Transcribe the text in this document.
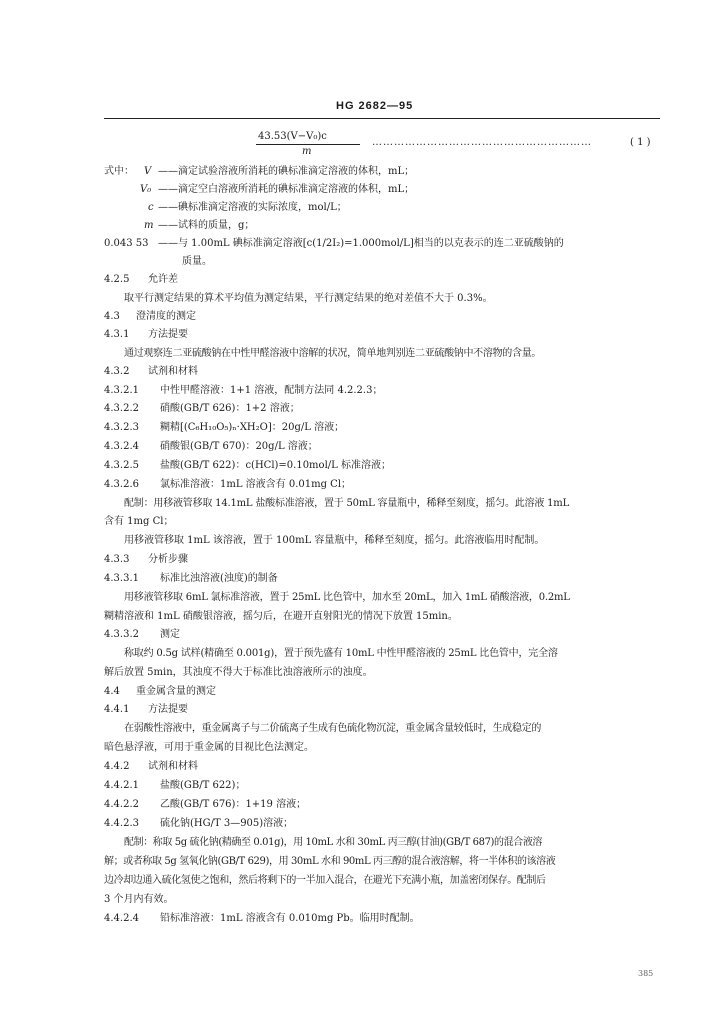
HG 2682—95
43.53(V−V₀)c
m
……………………………………………………	( 1 )
式中： V ——滴定试验溶液所消耗的碘标准滴定溶液的体积，mL；
V₀ ——滴定空白溶液所消耗的碘标准滴定溶液的体积，mL；
c ——碘标准滴定溶液的实际浓度，mol/L；
m ——试料的质量，g；
0.043 53 ——与 1.00mL 碘标准滴定溶液[c(1/2I₂)=1.000mol/L]相当的以克表示的连二亚硫酸钠的
质量。
4.2.5 允许差
取平行测定结果的算术平均值为测定结果，平行测定结果的绝对差值不大于 0.3%。
4.3 澄清度的测定
4.3.1 方法提要
通过观察连二亚硫酸钠在中性甲醛溶液中溶解的状况，简单地判别连二亚硫酸钠中不溶物的含量。
4.3.2 试剂和材料
4.3.2.1 中性甲醛溶液：1+1 溶液，配制方法同 4.2.2.3；
4.3.2.2 硝酸(GB/T 626)：1+2 溶液；
4.3.2.3 糊精[(C₆H₁₀O₅)ₙ·XH₂O]：20g/L 溶液；
4.3.2.4 硝酸银(GB/T 670)：20g/L 溶液；
4.3.2.5 盐酸(GB/T 622)：c(HCl)=0.10mol/L 标准溶液；
4.3.2.6 氯标准溶液：1mL 溶液含有 0.01mg Cl；
配制：用移液管移取 14.1mL 盐酸标准溶液，置于 50mL 容量瓶中，稀释至刻度，摇匀。此溶液 1mL
含有 1mg Cl；
用移液管移取 1mL 该溶液，置于 100mL 容量瓶中，稀释至刻度，摇匀。此溶液临用时配制。
4.3.3 分析步骤
4.3.3.1 标准比浊溶液(浊度)的制备
用移液管移取 6mL 氯标准溶液，置于 25mL 比色管中，加水至 20mL，加入 1mL 硝酸溶液，0.2mL
糊精溶液和 1mL 硝酸银溶液，摇匀后，在避开直射阳光的情况下放置 15min。
4.3.3.2 测定
称取约 0.5g 试样(精确至 0.001g)，置于预先盛有 10mL 中性甲醛溶液的 25mL 比色管中，完全溶
解后放置 5min，其浊度不得大于标准比浊溶液所示的浊度。
4.4 重金属含量的测定
4.4.1 方法提要
在弱酸性溶液中，重金属离子与二价硫离子生成有色硫化物沉淀，重金属含量较低时，生成稳定的
暗色悬浮液，可用于重金属的目视比色法测定。
4.4.2 试剂和材料
4.4.2.1 盐酸(GB/T 622)；
4.4.2.2 乙酸(GB/T 676)：1+19 溶液；
4.4.2.3 硫化钠(HG/T 3—905)溶液；
配制：称取 5g 硫化钠(精确至 0.01g)，用 10mL 水和 30mL 丙三醇(甘油)(GB/T 687)的混合液溶
解；或者称取 5g 氢氧化钠(GB/T 629)，用 30mL 水和 90mL 丙三醇的混合液溶解，将一半体积的该溶液
边冷却边通入硫化氢使之饱和，然后将剩下的一半加入混合，在避光下充满小瓶，加盖密闭保存。配制后
3 个月内有效。
4.4.2.4 铅标准溶液：1mL 溶液含有 0.010mg Pb。临用时配制。
385
